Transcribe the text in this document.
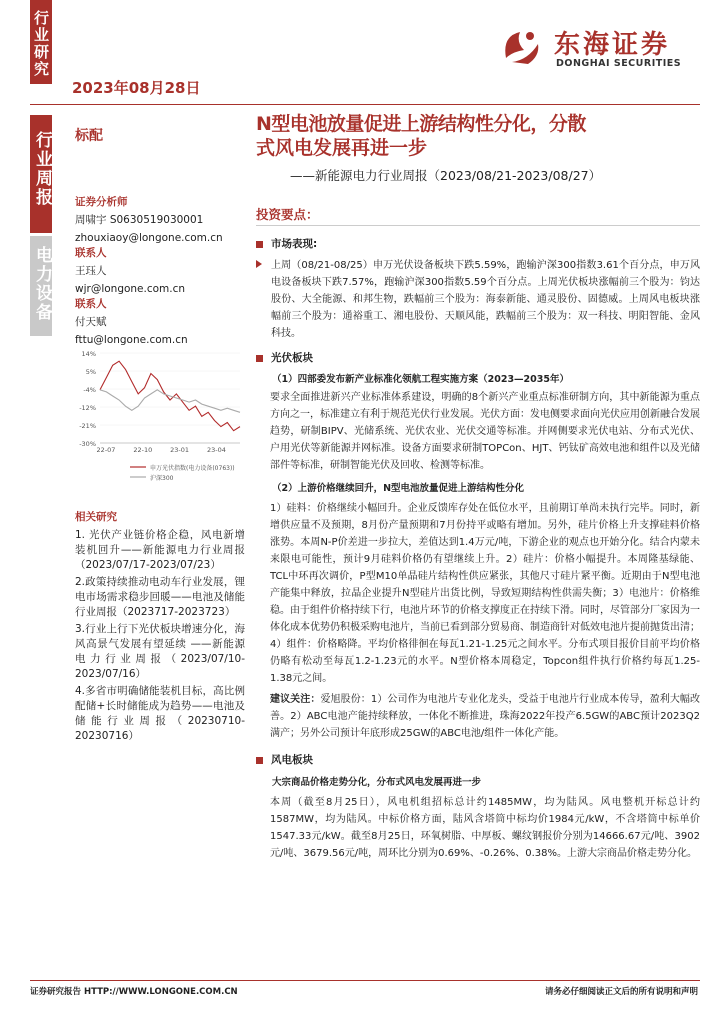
行业研究
2023年08月28日
东海证券
DONGHAI SECURITIES
行业周报
电力设备
标配
N型电池放量促进上游结构性分化，分散
式风电发展再进一步
——新能源电力行业周报（2023/08/21-2023/08/27）
证券分析师
周啸宇 S0630519030001
zhouxiaoy@longone.com.cn
联系人
王珏人
wjr@longone.com.cn
联系人
付天赋
fttu@longone.com.cn
14%
5%
-4%
-12%
-21%
-30%
22-07	22-10	23-01	23-04
申万光伏指数(电力设备(0763))
沪深300
相关研究
1. 光伏产业链价格企稳，风电新增装机回升——新能源电力行业周报（2023/07/17-2023/07/23）
2.政策持续推动电动车行业发展，锂电市场需求稳步回暖——电池及储能行业周报（2023717-2023723）
3.行业上行下光伏板块增速分化，海风高景气发展有望延续 ——新能源电力行业周报（2023/07/10-2023/07/16）
4.多省市明确储能装机目标，高比例配储+长时储能成为趋势——电池及储能行业周报（20230710-20230716）
投资要点：
市场表现:
上周（08/21-08/25）申万光伏设备板块下跌5.59%，跑输沪深300指数3.61个百分点，申万风电设备板块下跌7.57%，跑输沪深300指数5.59个百分点。上周光伏板块涨幅前三个股为：钧达股份、大全能源、和邦生物，跌幅前三个股为：海泰新能、通灵股份、固德威。上周风电板块涨幅前三个股为：通裕重工、湘电股份、天顺风能，跌幅前三个股为：双一科技、明阳智能、金风科技。
光伏板块
（1）四部委发布新产业标准化领航工程实施方案（2023—2035年）
要求全面推进新兴产业标准体系建设，明确的8个新兴产业重点标准研制方向，其中新能源为重点方向之一，标准建立有利于规范光伏行业发展。光伏方面：发电侧要求面向光伏应用创新融合发展趋势，研制BIPV、光储系统、光伏农业、光伏交通等标准。并网侧要求光伏电站、分布式光伏、户用光伏等新能源并网标准。设备方面要求研制TOPCon、HJT、钙钛矿高效电池和组件以及光储部件等标准，研制智能光伏及回收、检测等标准。
（2）上游价格继续回升，N型电池放量促进上游结构性分化
1）硅料：价格继续小幅回升。企业反馈库存处在低位水平，且前期订单尚未执行完毕。同时，新增供应量不及预期，8月份产量预期和7月份持平或略有增加。另外，硅片价格上升支撑硅料价格涨势。本周N-P价差进一步拉大，差值达到1.4万元/吨，下游企业的观点也开始分化。结合内蒙未来限电可能性，预计9月硅料价格仍有望继续上升。2）硅片：价格小幅提升。本周隆基绿能、TCL中环再次调价，P型M10单晶硅片结构性供应紧张，其他尺寸硅片紧平衡。近期由于N型电池产能集中释放，拉晶企业提升N型硅片出货比例，导致短期结构性供需失衡；3）电池片：价格维稳。由于组件价格持续下行，电池片环节的价格支撑度正在持续下滑。同时，尽管部分厂家因为一体化成本优势仍积极采购电池片，当前已看到部分贸易商、制造商针对低效电池片提前抛货出清；4）组件：价格略降。平均价格徘徊在每瓦1.21-1.25元之间水平。分布式项目报价目前平均价格仍略有松动至每瓦1.2-1.23元的水平。N型价格本周稳定，Topcon组件执行价格约每瓦1.25-1.38元之间。
建议关注：爱旭股份：1）公司作为电池片专业化龙头，受益于电池片行业成本传导，盈利大幅改善。2）ABC电池产能持续释放，一体化不断推进，珠海2022年投产6.5GW的ABC预计2023Q2满产；另外公司预计年底形成25GW的ABC电池/组件一体化产能。
风电板块
大宗商品价格走势分化，分布式风电发展再进一步
本周（截至8月25日），风电机组招标总计约1485MW，均为陆风。风电整机开标总计约1587MW，均为陆风。中标价格方面，陆风含塔筒中标均价1984元/kW，不含塔筒中标单价1547.33元/kW。截至8月25日，环氧树脂、中厚板、螺纹钢报价分别为14666.67元/吨、3902元/吨、3679.56元/吨，周环比分别为0.69%、-0.26%、0.38%。上游大宗商品价格走势分化。
证券研究报告 HTTP://WWW.LONGONE.COM.CN	请务必仔细阅读正文后的所有说明和声明
